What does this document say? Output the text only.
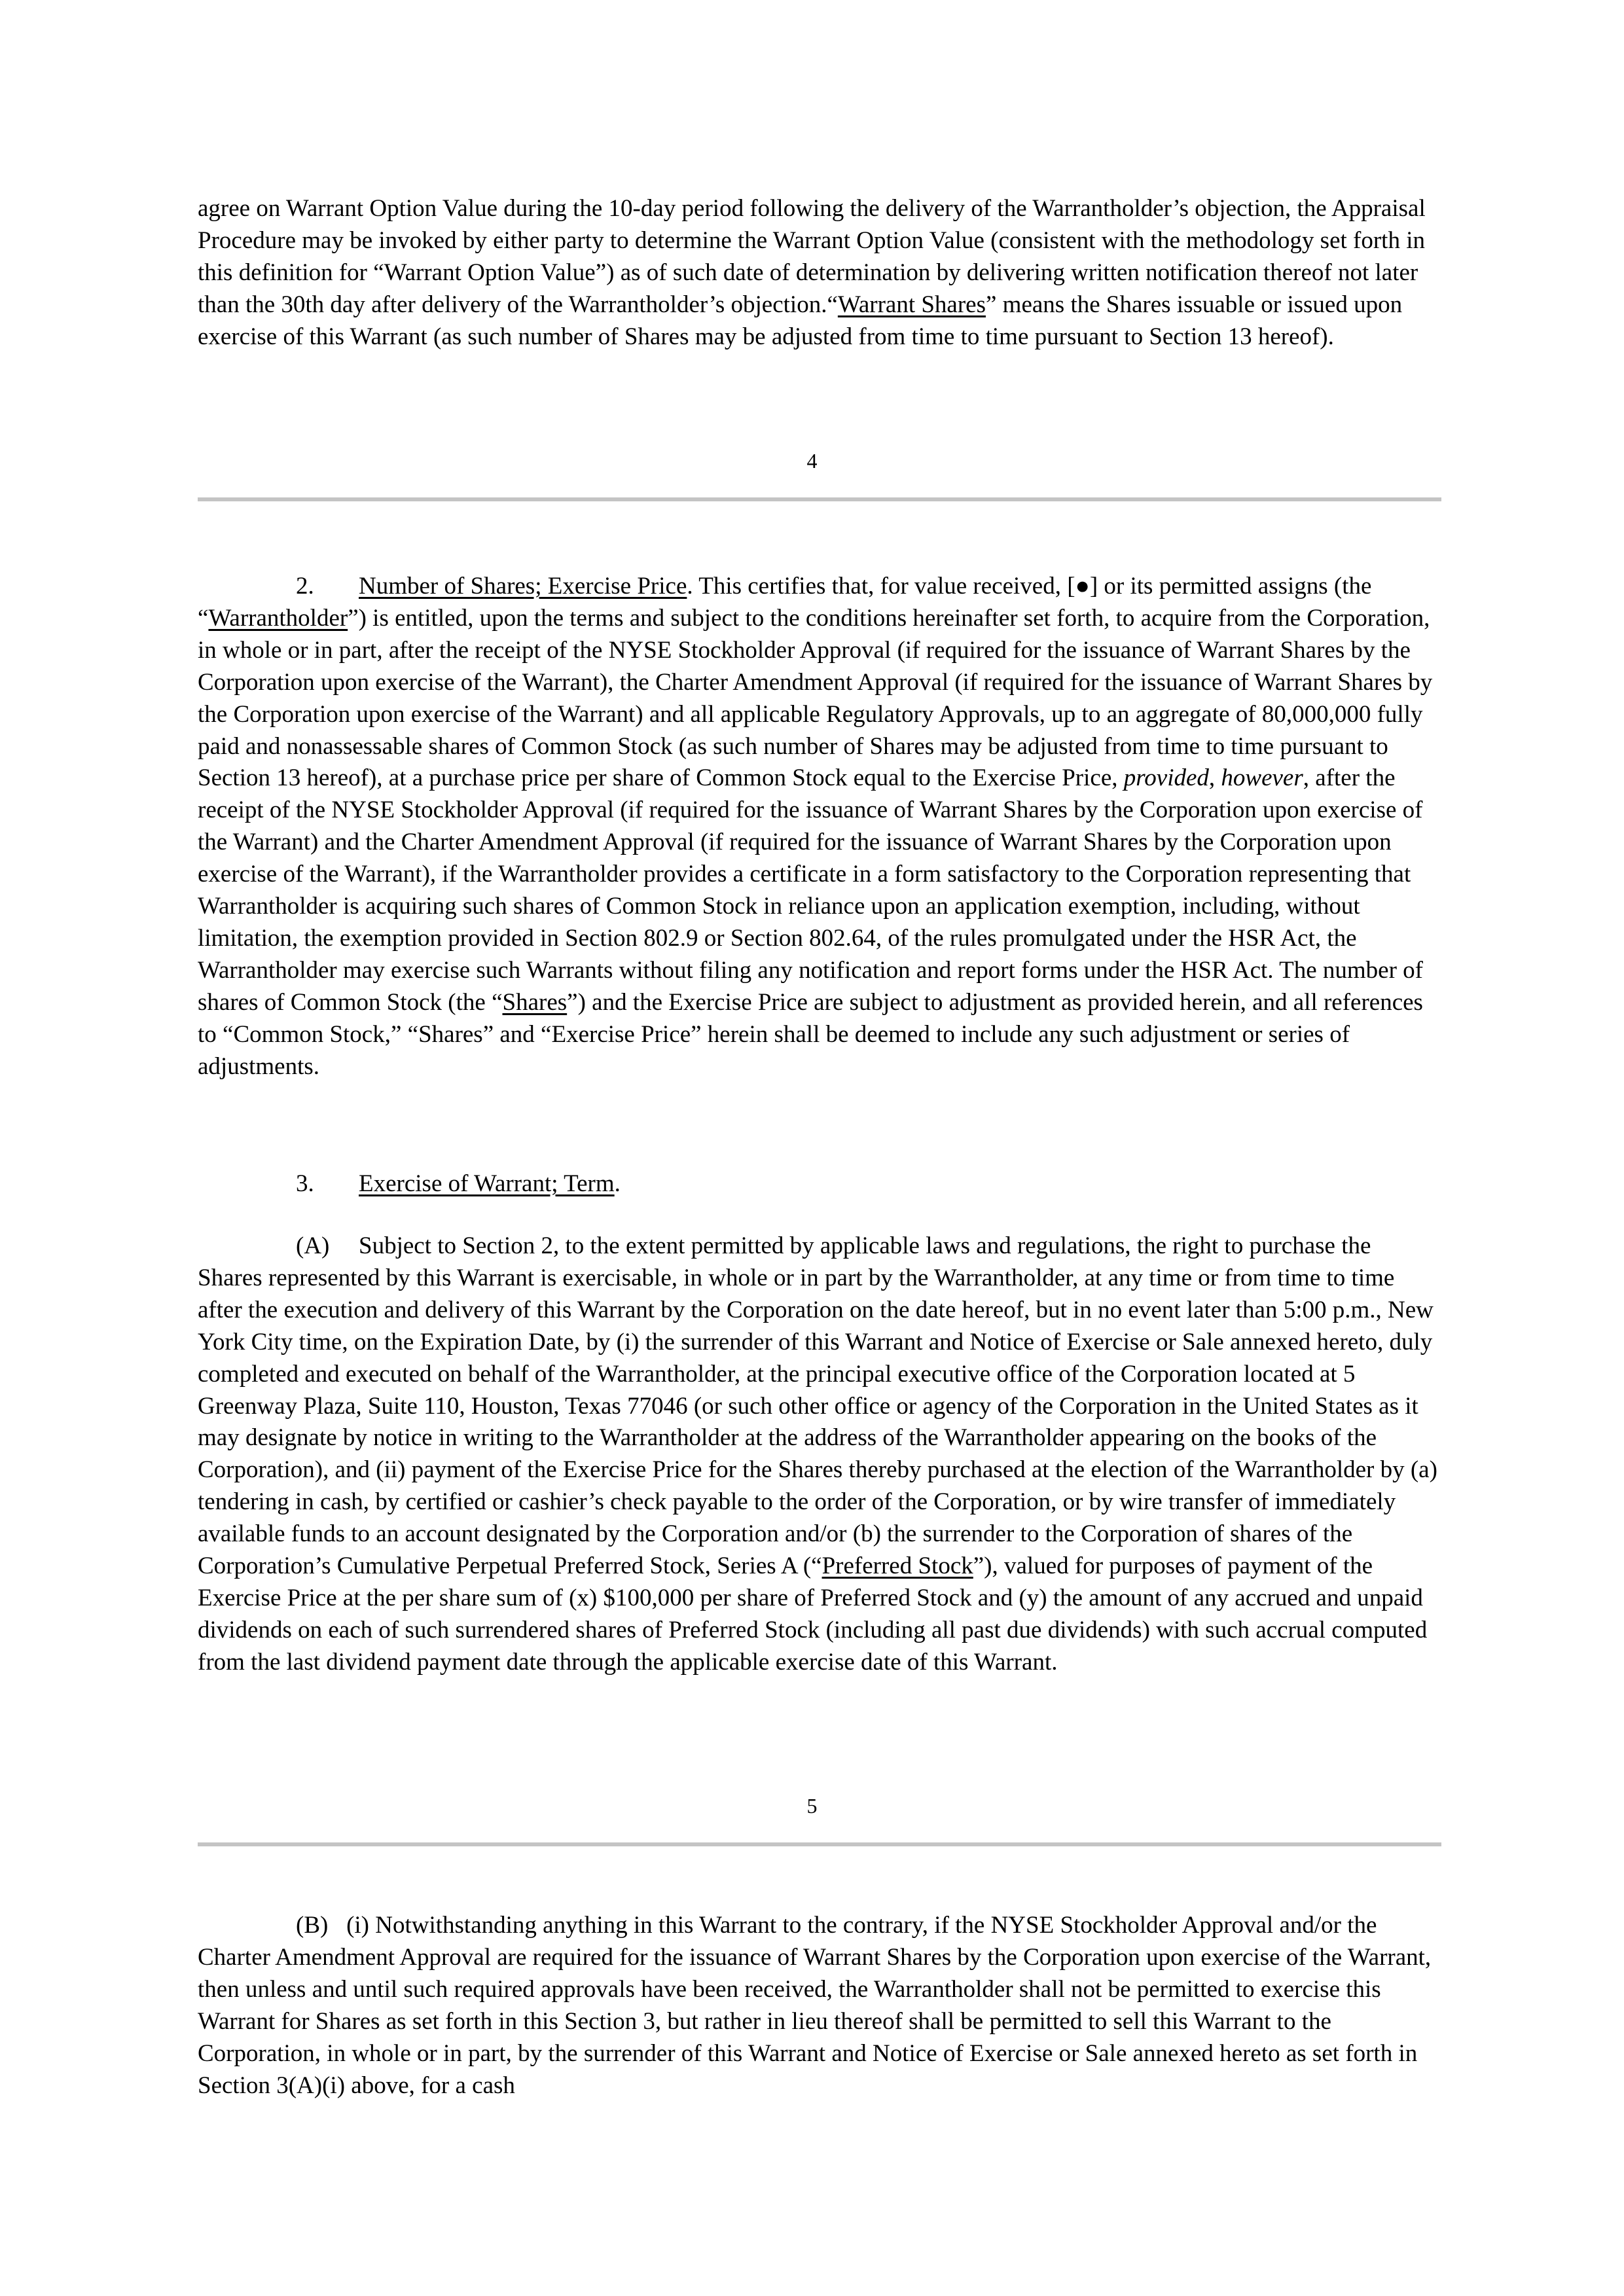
agree on Warrant Option Value during the 10-day period following the delivery of the Warrantholder’s objection, the Appraisal Procedure may be invoked by either party to determine the Warrant Option Value (consistent with the methodology set forth in this definition for “Warrant Option Value”) as of such date of determination by delivering written notification thereof not later than the 30th day after delivery of the Warrantholder’s objection.“Warrant Shares” means the Shares issuable or issued upon exercise of this Warrant (as such number of Shares may be adjusted from time to time pursuant to Section 13 hereof).

4

2. Number of Shares; Exercise Price. This certifies that, for value received, [●] or its permitted assigns (the “Warrantholder”) is entitled, upon the terms and subject to the conditions hereinafter set forth, to acquire from the Corporation, in whole or in part, after the receipt of the NYSE Stockholder Approval (if required for the issuance of Warrant Shares by the Corporation upon exercise of the Warrant), the Charter Amendment Approval (if required for the issuance of Warrant Shares by the Corporation upon exercise of the Warrant) and all applicable Regulatory Approvals, up to an aggregate of 80,000,000 fully paid and nonassessable shares of Common Stock (as such number of Shares may be adjusted from time to time pursuant to Section 13 hereof), at a purchase price per share of Common Stock equal to the Exercise Price, provided, however, after the receipt of the NYSE Stockholder Approval (if required for the issuance of Warrant Shares by the Corporation upon exercise of the Warrant) and the Charter Amendment Approval (if required for the issuance of Warrant Shares by the Corporation upon exercise of the Warrant), if the Warrantholder provides a certificate in a form satisfactory to the Corporation representing that Warrantholder is acquiring such shares of Common Stock in reliance upon an application exemption, including, without limitation, the exemption provided in Section 802.9 or Section 802.64, of the rules promulgated under the HSR Act, the Warrantholder may exercise such Warrants without filing any notification and report forms under the HSR Act. The number of shares of Common Stock (the “Shares”) and the Exercise Price are subject to adjustment as provided herein, and all references to “Common Stock,” “Shares” and “Exercise Price” herein shall be deemed to include any such adjustment or series of adjustments.

3. Exercise of Warrant; Term.

(A) Subject to Section 2, to the extent permitted by applicable laws and regulations, the right to purchase the Shares represented by this Warrant is exercisable, in whole or in part by the Warrantholder, at any time or from time to time after the execution and delivery of this Warrant by the Corporation on the date hereof, but in no event later than 5:00 p.m., New York City time, on the Expiration Date, by (i) the surrender of this Warrant and Notice of Exercise or Sale annexed hereto, duly completed and executed on behalf of the Warrantholder, at the principal executive office of the Corporation located at 5 Greenway Plaza, Suite 110, Houston, Texas 77046 (or such other office or agency of the Corporation in the United States as it may designate by notice in writing to the Warrantholder at the address of the Warrantholder appearing on the books of the Corporation), and (ii) payment of the Exercise Price for the Shares thereby purchased at the election of the Warrantholder by (a) tendering in cash, by certified or cashier’s check payable to the order of the Corporation, or by wire transfer of immediately available funds to an account designated by the Corporation and/or (b) the surrender to the Corporation of shares of the Corporation’s Cumulative Perpetual Preferred Stock, Series A (“Preferred Stock”), valued for purposes of payment of the Exercise Price at the per share sum of (x) $100,000 per share of Preferred Stock and (y) the amount of any accrued and unpaid dividends on each of such surrendered shares of Preferred Stock (including all past due dividends) with such accrual computed from the last dividend payment date through the applicable exercise date of this Warrant.

5

(B) (i) Notwithstanding anything in this Warrant to the contrary, if the NYSE Stockholder Approval and/or the Charter Amendment Approval are required for the issuance of Warrant Shares by the Corporation upon exercise of the Warrant, then unless and until such required approvals have been received, the Warrantholder shall not be permitted to exercise this Warrant for Shares as set forth in this Section 3, but rather in lieu thereof shall be permitted to sell this Warrant to the Corporation, in whole or in part, by the surrender of this Warrant and Notice of Exercise or Sale annexed hereto as set forth in Section 3(A)(i) above, for a cash
